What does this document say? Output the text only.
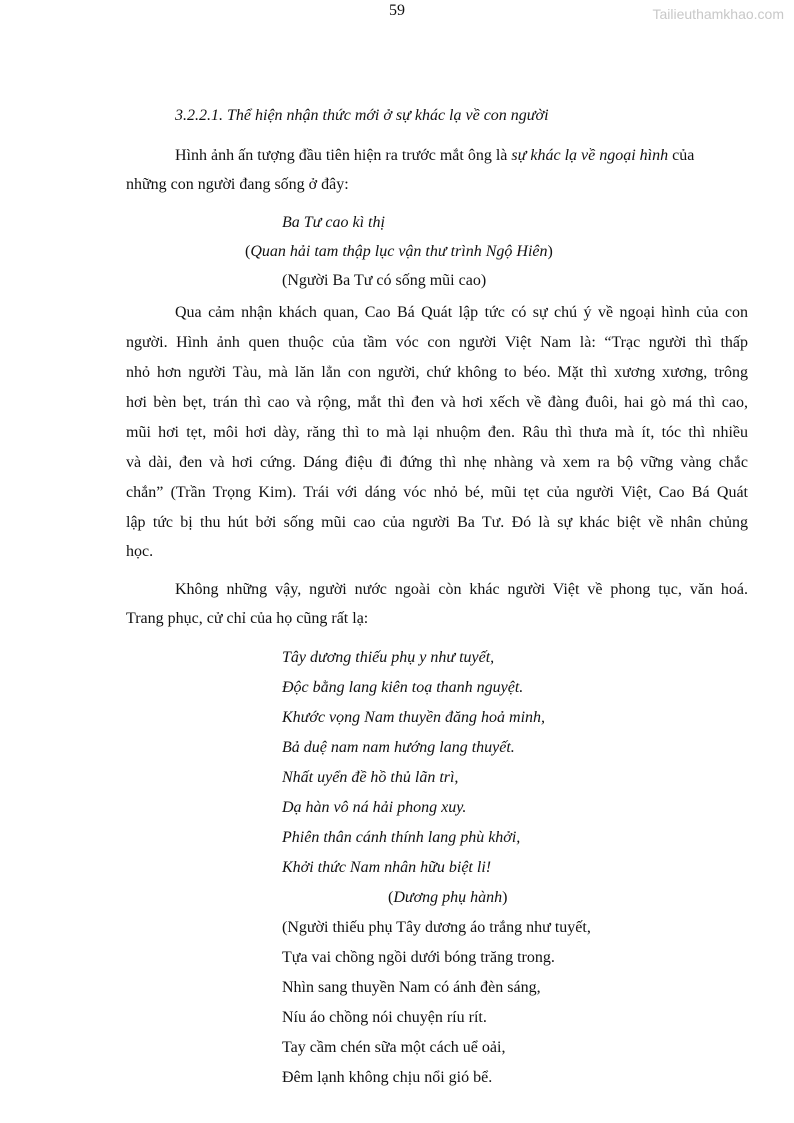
59	Tailieuthamkhao.com
3.2.2.1. Thể hiện nhận thức mới ở sự khác lạ về con người
Hình ảnh ấn tượng đầu tiên hiện ra trước mắt ông là sự khác lạ về ngoại hình của
những con người đang sống ở đây:
Ba Tư cao kì thị
(Quan hải tam thập lục vận thư trình Ngộ Hiên)
(Người Ba Tư có sống mũi cao)
Qua cảm nhận khách quan, Cao Bá Quát lập tức có sự chú ý về ngoại hình của con
người. Hình ảnh quen thuộc của tầm vóc con người Việt Nam là: “Trạc người thì thấp
nhỏ hơn người Tàu, mà lăn lẳn con người, chứ không to béo. Mặt thì xương xương, trông
hơi bèn bẹt, trán thì cao và rộng, mắt thì đen và hơi xếch về đàng đuôi, hai gò má thì cao,
mũi hơi tẹt, môi hơi dày, răng thì to mà lại nhuộm đen. Râu thì thưa mà ít, tóc thì nhiều
và dài, đen và hơi cứng. Dáng điệu đi đứng thì nhẹ nhàng và xem ra bộ vững vàng chắc
chắn” (Trần Trọng Kim). Trái với dáng vóc nhỏ bé, mũi tẹt của người Việt, Cao Bá Quát
lập tức bị thu hút bởi sống mũi cao của người Ba Tư. Đó là sự khác biệt về nhân chủng
học.
Không những vậy, người nước ngoài còn khác người Việt về phong tục, văn hoá.
Trang phục, cử chỉ của họ cũng rất lạ:
Tây dương thiếu phụ y như tuyết,
Độc bằng lang kiên toạ thanh nguyệt.
Khước vọng Nam thuyền đăng hoả minh,
Bả duệ nam nam hướng lang thuyết.
Nhất uyển đề hồ thủ lãn trì,
Dạ hàn vô ná hải phong xuy.
Phiên thân cánh thính lang phù khởi,
Khởi thức Nam nhân hữu biệt li!
(Dương phụ hành)
(Người thiếu phụ Tây dương áo trắng như tuyết,
Tựa vai chồng ngồi dưới bóng trăng trong.
Nhìn sang thuyền Nam có ánh đèn sáng,
Níu áo chồng nói chuyện ríu rít.
Tay cầm chén sữa một cách uể oải,
Đêm lạnh không chịu nổi gió bể.
